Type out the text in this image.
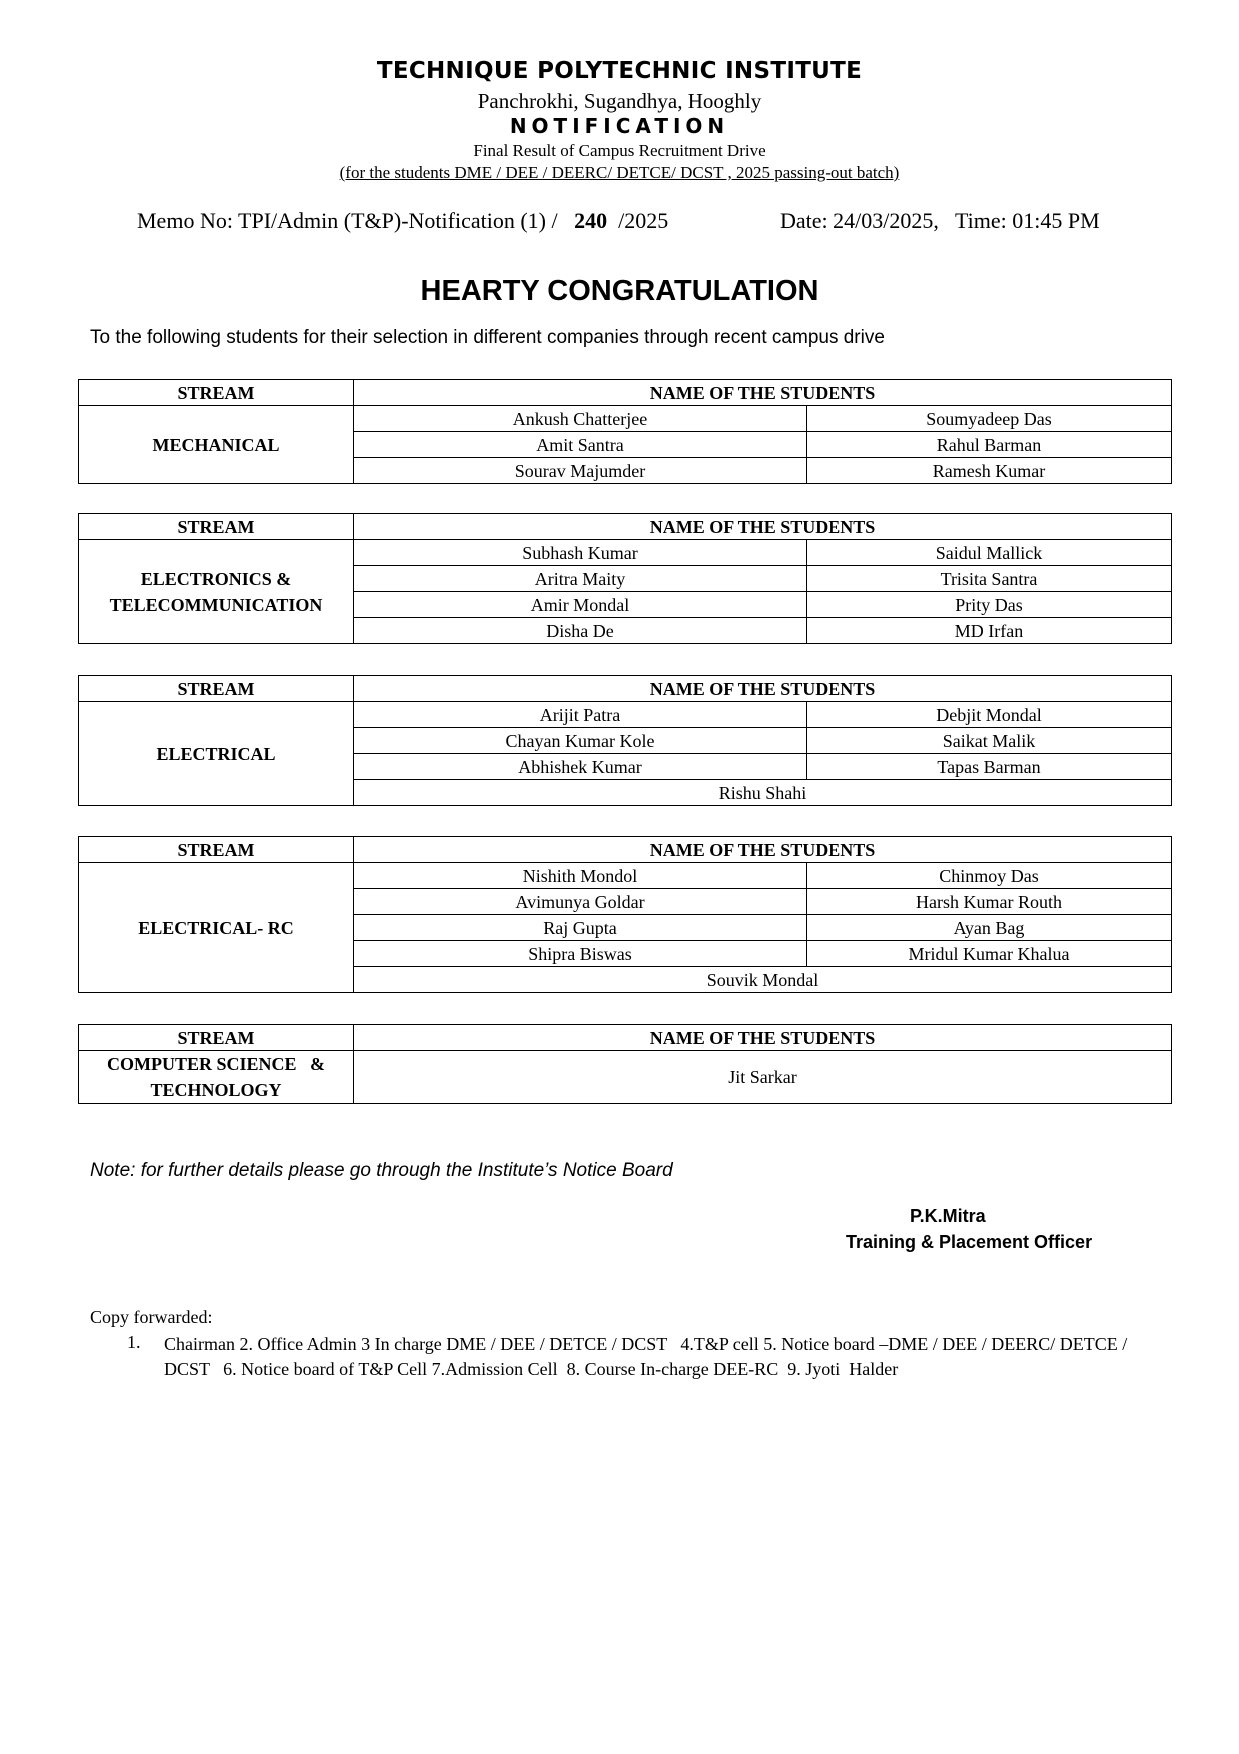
TECHNIQUE POLYTECHNIC INSTITUTE
Panchrokhi, Sugandhya, Hooghly
NOTIFICATION
Final Result of Campus Recruitment Drive
(for the students DME / DEE / DEERC/ DETCE/ DCST , 2025 passing-out batch)
Memo No: TPI/Admin (T&P)-Notification (1) /   240  /2025	Date: 24/03/2025,   Time: 01:45 PM
HEARTY CONGRATULATION
To the following students for their selection in different companies through recent campus drive
STREAM	NAME OF THE STUDENTS	

MECHANICAL	Ankush Chatterjee	Soumyadeep Das
	Amit Santra	Rahul Barman
	Sourav Majumder	Ramesh Kumar
STREAM	NAME OF THE STUDENTS	

ELECTRONICS &
TELECOMMUNICATION	Subhash Kumar	Saidul Mallick
	Aritra Maity	Trisita Santra
	Amir Mondal	Prity Das
	Disha De	MD Irfan
STREAM	NAME OF THE STUDENTS	

ELECTRICAL	Arijit Patra	Debjit Mondal
	Chayan Kumar Kole	Saikat Malik
	Abhishek Kumar	Tapas Barman
	Rishu Shahi	
STREAM	NAME OF THE STUDENTS	

ELECTRICAL- RC	Nishith Mondol	Chinmoy Das
	Avimunya Goldar	Harsh Kumar Routh
	Raj Gupta	Ayan Bag
	Shipra Biswas	Mridul Kumar Khalua
	Souvik Mondal	
STREAM	NAME OF THE STUDENTS

COMPUTER SCIENCE   &
TECHNOLOGY	Jit Sarkar
Note: for further details please go through the Institute’s Notice Board
P.K.Mitra
Training & Placement Officer
Copy forwarded:
1. Chairman 2. Office Admin 3 In charge DME / DEE / DETCE / DCST   4.T&P cell 5. Notice board –DME / DEE / DEERC/ DETCE / DCST   6. Notice board of T&P Cell 7.Admission Cell  8. Course In-charge DEE-RC  9. Jyoti  Halder
